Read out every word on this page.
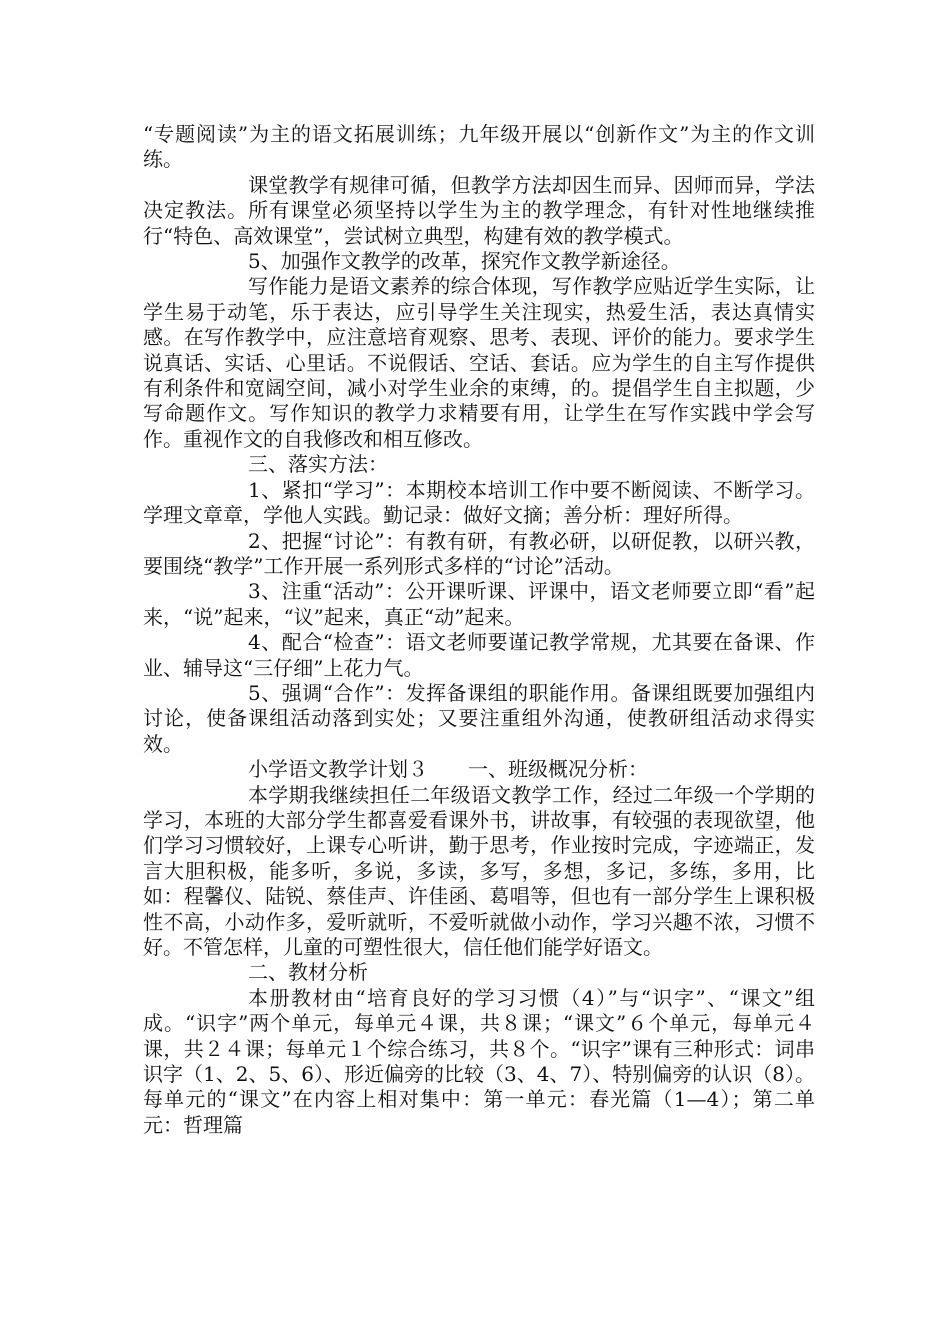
“专题阅读”为主的语文拓展训练；九年级开展以“创新作文”为主的作文训练。

课堂教学有规律可循，但教学方法却因生而异、因师而异，学法决定教法。所有课堂必须坚持以学生为主的教学理念，有针对性地继续推行“特色、高效课堂”，尝试树立典型，构建有效的教学模式。

5、加强作文教学的改革，探究作文教学新途径。

写作能力是语文素养的综合体现，写作教学应贴近学生实际，让学生易于动笔，乐于表达，应引导学生关注现实，热爱生活，表达真情实感。在写作教学中，应注意培育观察、思考、表现、评价的能力。要求学生说真话、实话、心里话。不说假话、空话、套话。应为学生的自主写作提供有利条件和宽阔空间，减小对学生业余的束缚，的。提倡学生自主拟题，少写命题作文。写作知识的教学力求精要有用，让学生在写作实践中学会写作。重视作文的自我修改和相互修改。

三、落实方法：

1、紧扣“学习”：本期校本培训工作中要不断阅读、不断学习。学理文章章，学他人实践。勤记录：做好文摘；善分析：理好所得。

2、把握“讨论”：有教有研，有教必研，以研促教，以研兴教，要围绕“教学”工作开展一系列形式多样的“讨论”活动。

3、注重“活动”：公开课听课、评课中，语文老师要立即“看”起来，“说”起来，“议”起来，真正“动”起来。

4、配合“检查”：语文老师要谨记教学常规，尤其要在备课、作业、辅导这“三仔细”上花力气。

5、强调“合作”：发挥备课组的职能作用。备课组既要加强组内讨论，使备课组活动落到实处；又要注重组外沟通，使教研组活动求得实效。

小学语文教学计划３　　一、班级概况分析：

本学期我继续担任二年级语文教学工作，经过二年级一个学期的学习，本班的大部分学生都喜爱看课外书，讲故事，有较强的表现欲望，他们学习习惯较好，上课专心听讲，勤于思考，作业按时完成，字迹端正，发言大胆积极，能多听，多说，多读，多写，多想，多记，多练，多用，比如：程馨仪、陆锐、蔡佳声、许佳函、葛唱等，但也有一部分学生上课积极性不高，小动作多，爱听就听，不爱听就做小动作，学习兴趣不浓，习惯不好。不管怎样，儿童的可塑性很大，信任他们能学好语文。

二、教材分析

本册教材由“培育良好的学习习惯（4）”与“识字”、“课文”组成。“识字”两个单元，每单元４课，共８课；“课文”６个单元，每单元４课，共２４课；每单元１个综合练习，共８个。“识字”课有三种形式：词串识字（1、2、5、6）、形近偏旁的比较（3、4、7）、特别偏旁的认识（8）。每单元的“课文”在内容上相对集中：第一单元：春光篇（1—4）；第二单元：哲理篇
